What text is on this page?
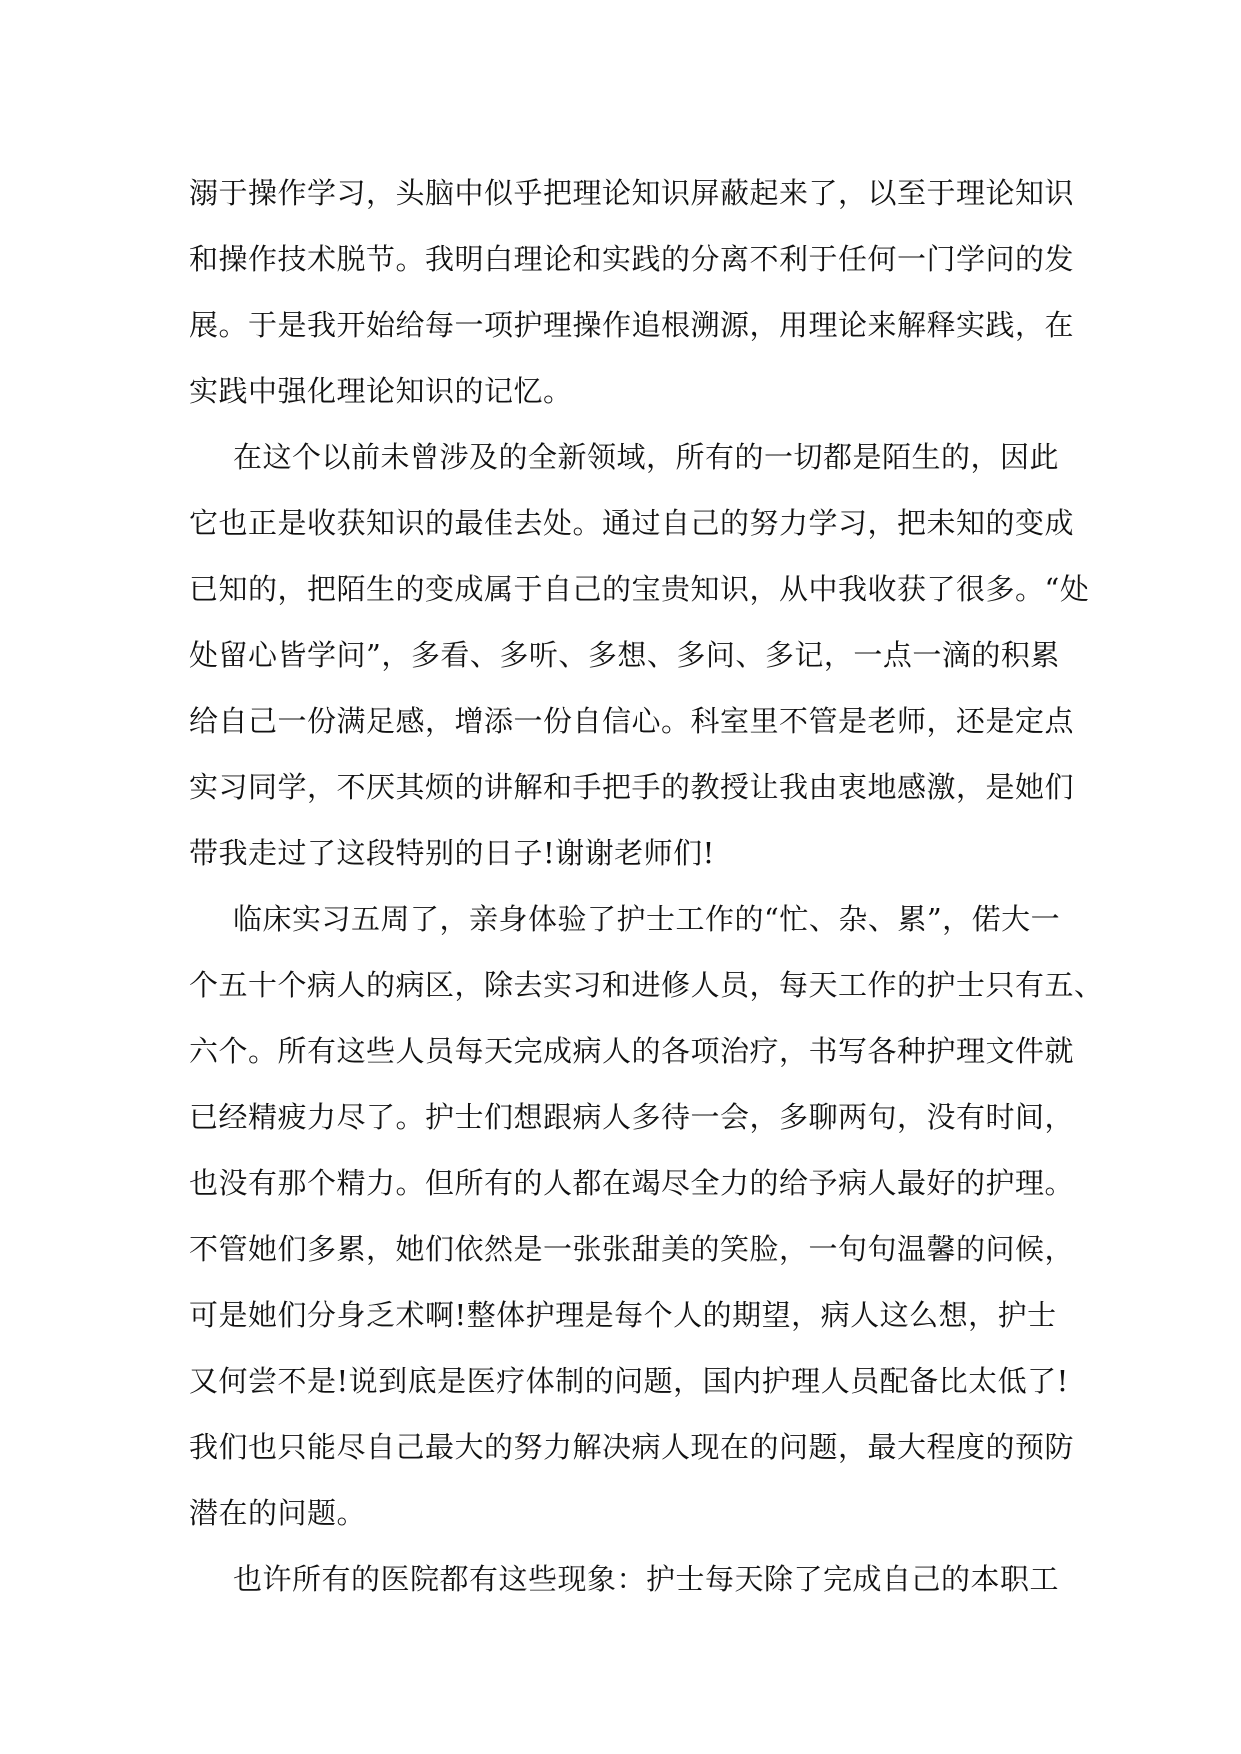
溺于操作学习，头脑中似乎把理论知识屏蔽起来了，以至于理论知识
和操作技术脱节。我明白理论和实践的分离不利于任何一门学问的发
展。于是我开始给每一项护理操作追根溯源，用理论来解释实践，在
实践中强化理论知识的记忆。
在这个以前未曾涉及的全新领域，所有的一切都是陌生的，因此
它也正是收获知识的最佳去处。通过自己的努力学习，把未知的变成
已知的，把陌生的变成属于自己的宝贵知识，从中我收获了很多。“处
处留心皆学问”，多看、多听、多想、多问、多记，一点一滴的积累
给自己一份满足感，增添一份自信心。科室里不管是老师，还是定点
实习同学，不厌其烦的讲解和手把手的教授让我由衷地感激，是她们
带我走过了这段特别的日子!谢谢老师们!
临床实习五周了，亲身体验了护士工作的“忙、杂、累”，偌大一
个五十个病人的病区，除去实习和进修人员，每天工作的护士只有五、
六个。所有这些人员每天完成病人的各项治疗，书写各种护理文件就
已经精疲力尽了。护士们想跟病人多待一会，多聊两句，没有时间，
也没有那个精力。但所有的人都在竭尽全力的给予病人最好的护理。
不管她们多累，她们依然是一张张甜美的笑脸，一句句温馨的问候，
可是她们分身乏术啊!整体护理是每个人的期望，病人这么想，护士
又何尝不是!说到底是医疗体制的问题，国内护理人员配备比太低了!
我们也只能尽自己最大的努力解决病人现在的问题，最大程度的预防
潜在的问题。
也许所有的医院都有这些现象：护士每天除了完成自己的本职工
